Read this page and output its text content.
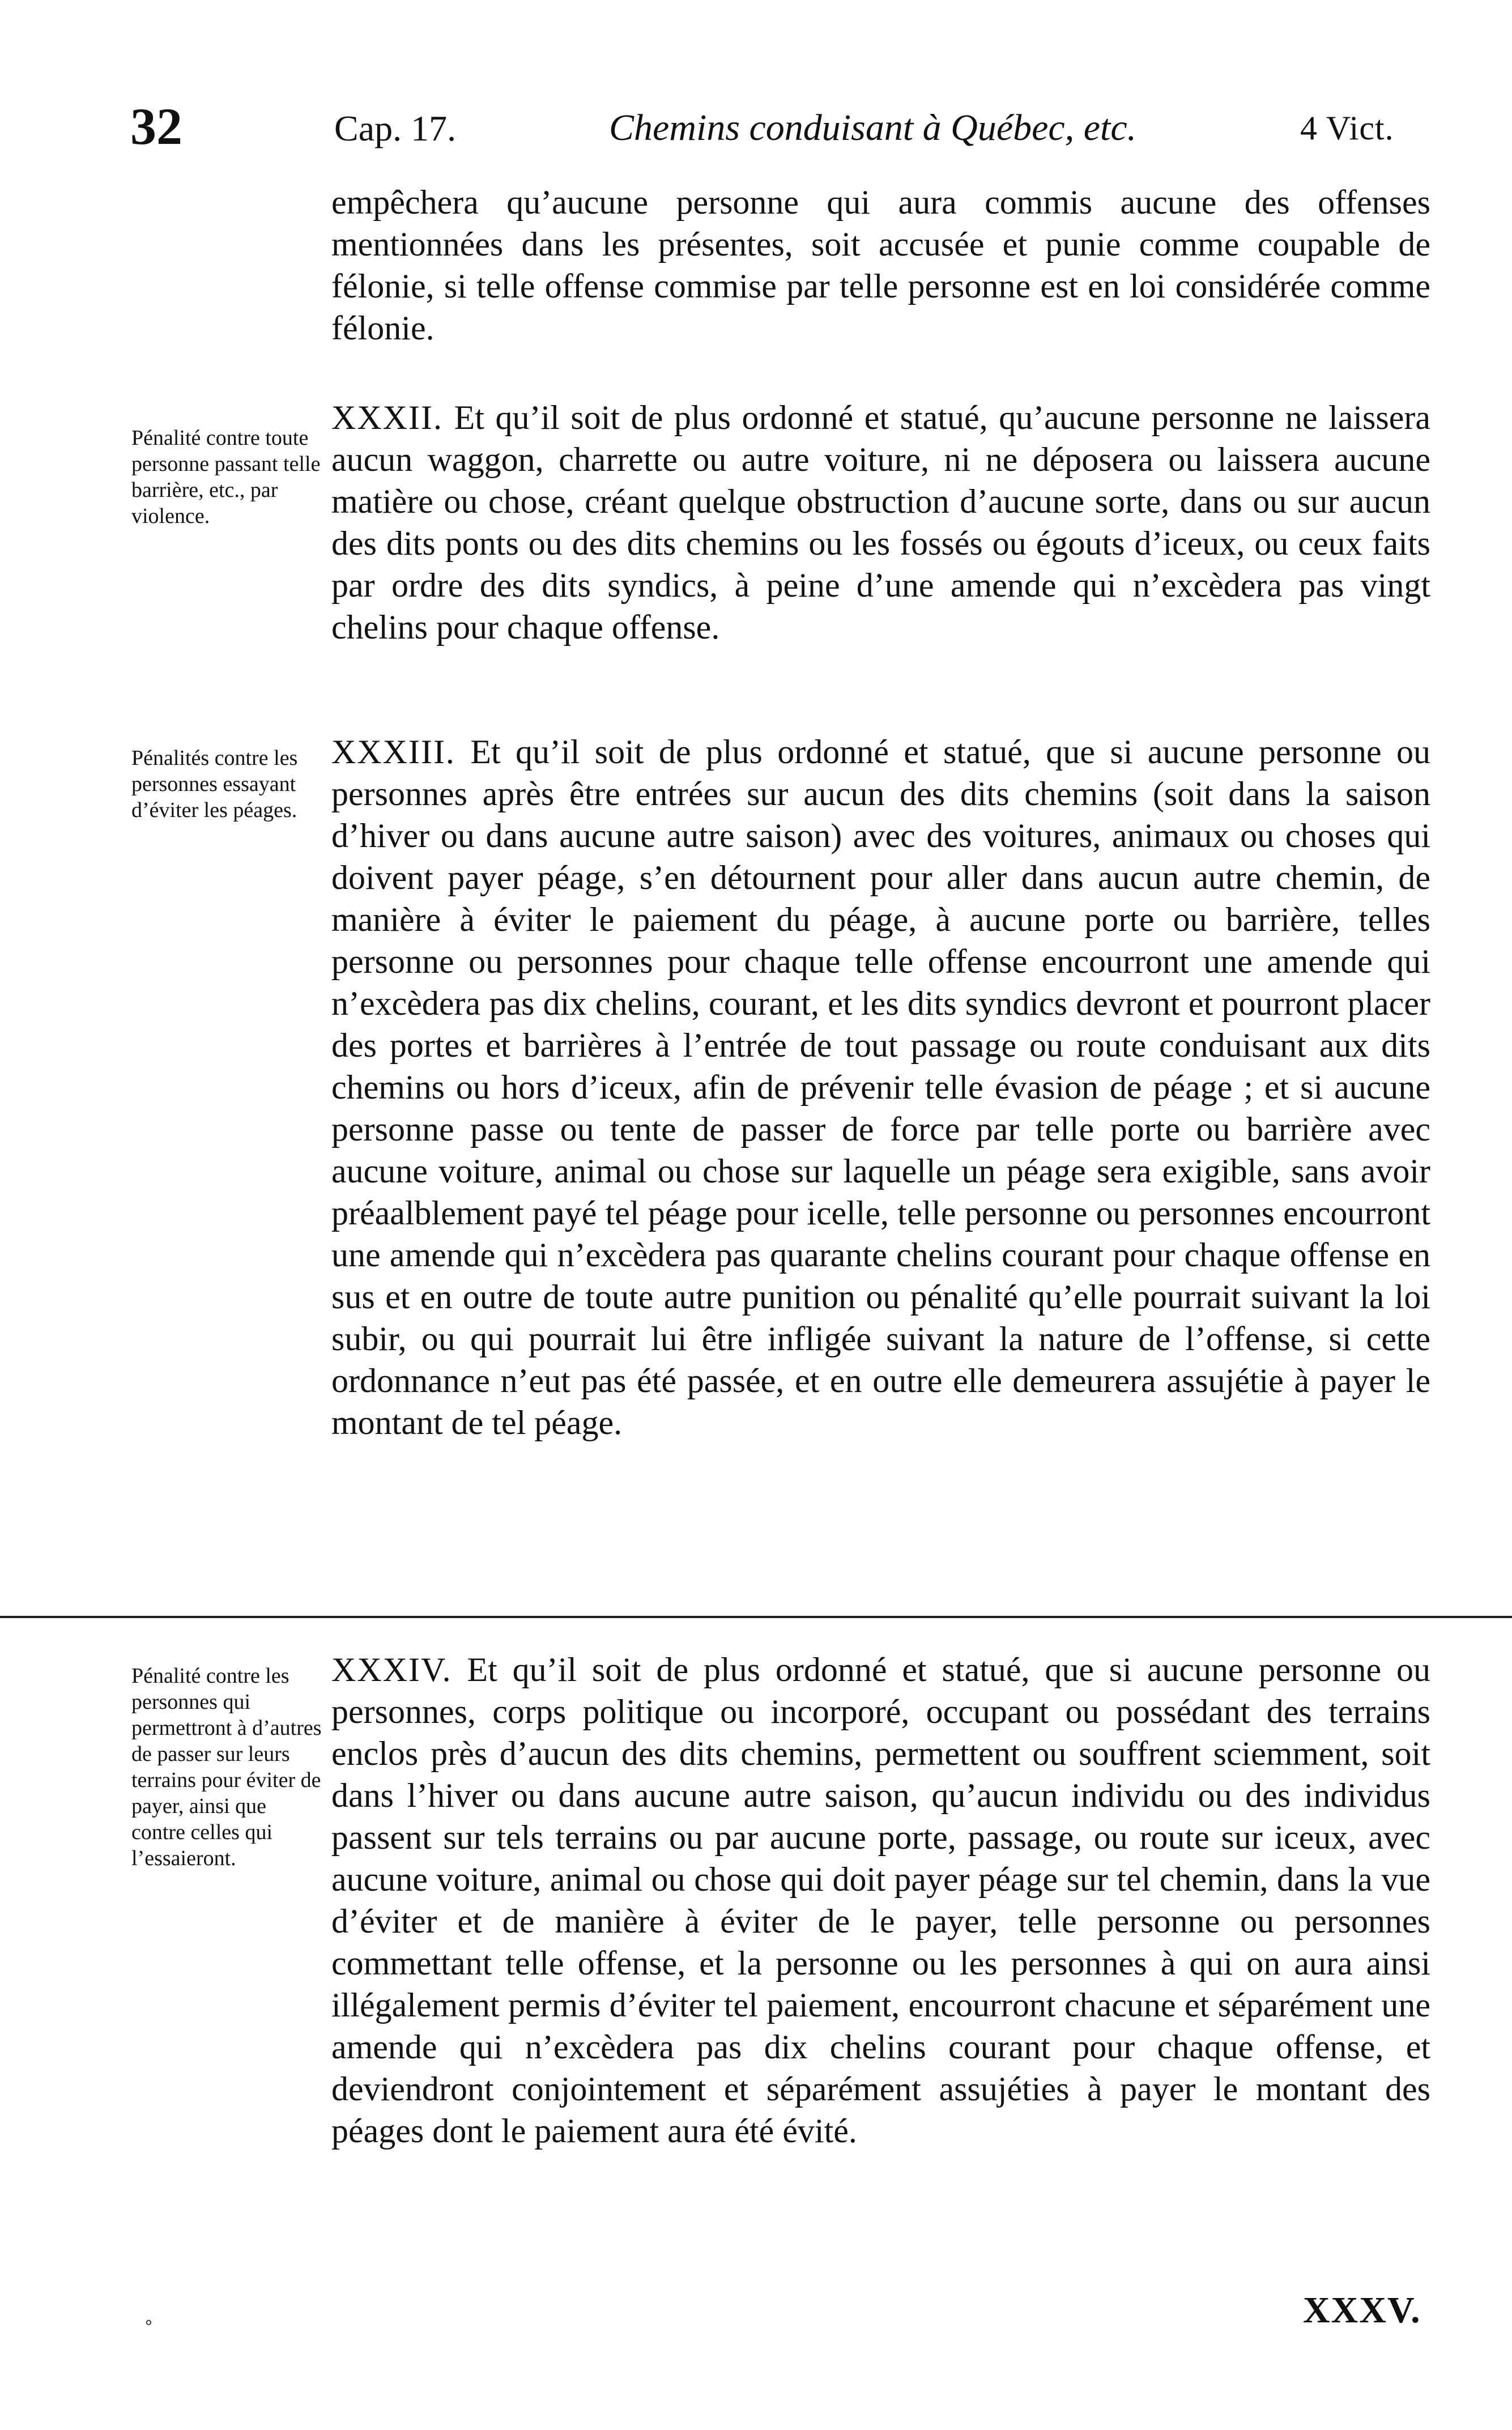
32	Cap. 17.	Chemins conduisant à Québec, etc.	4 Vict.

empêchera qu’aucune personne qui aura commis aucune des offenses mentionnées dans les présentes, soit accusée et punie comme coupable de félonie, si telle offense commise par telle personne est en loi considérée comme félonie.

Pénalité contre toute personne passant telle barrière, etc., par violence.

XXXII. Et qu’il soit de plus ordonné et statué, qu’aucune personne ne laissera aucun waggon, charrette ou autre voiture, ni ne déposera ou laissera aucune matière ou chose, créant quelque obstruction d’aucune sorte, dans ou sur aucun des dits ponts ou des dits chemins ou les fossés ou égouts d’iceux, ou ceux faits par ordre des dits syndics, à peine d’une amende qui n’excèdera pas vingt chelins pour chaque offense.

Pénalités contre les personnes essayant d’éviter les péages.

XXXIII. Et qu’il soit de plus ordonné et statué, que si aucune personne ou personnes après être entrées sur aucun des dits chemins (soit dans la saison d’hiver ou dans aucune autre saison) avec des voitures, animaux ou choses qui doivent payer péage, s’en détournent pour aller dans aucun autre chemin, de manière à éviter le paiement du péage, à aucune porte ou barrière, telles personne ou personnes pour chaque telle offense encourront une amende qui n’excèdera pas dix chelins, courant, et les dits syndics devront et pourront placer des portes et barrières à l’entrée de tout passage ou route conduisant aux dits chemins ou hors d’iceux, afin de prévenir telle évasion de péage ; et si aucune personne passe ou tente de passer de force par telle porte ou barrière avec aucune voiture, animal ou chose sur laquelle un péage sera exigible, sans avoir préaalblement payé tel péage pour icelle, telle personne ou personnes encourront une amende qui n’excèdera pas quarante chelins courant pour chaque offense en sus et en outre de toute autre punition ou pénalité qu’elle pourrait suivant la loi subir, ou qui pourrait lui être infligée suivant la nature de l’offense, si cette ordonnance n’eut pas été passée, et en outre elle demeurera assujétie à payer le montant de tel péage.

Pénalité contre les personnes qui permettront à d’autres de passer sur leurs terrains pour éviter de payer, ainsi que contre celles qui l’essaieront.

XXXIV. Et qu’il soit de plus ordonné et statué, que si aucune personne ou personnes, corps politique ou incorporé, occupant ou possédant des terrains enclos près d’aucun des dits chemins, permettent ou souffrent sciemment, soit dans l’hiver ou dans aucune autre saison, qu’aucun individu ou des individus passent sur tels terrains ou par aucune porte, passage, ou route sur iceux, avec aucune voiture, animal ou chose qui doit payer péage sur tel chemin, dans la vue d’éviter et de manière à éviter de le payer, telle personne ou personnes commettant telle offense, et la personne ou les personnes à qui on aura ainsi illégalement permis d’éviter tel paiement, encourront chacune et séparément une amende qui n’excèdera pas dix chelins courant pour chaque offense, et deviendront conjointement et séparément assujéties à payer le montant des péages dont le paiement aura été évité.

°	XXXV.
